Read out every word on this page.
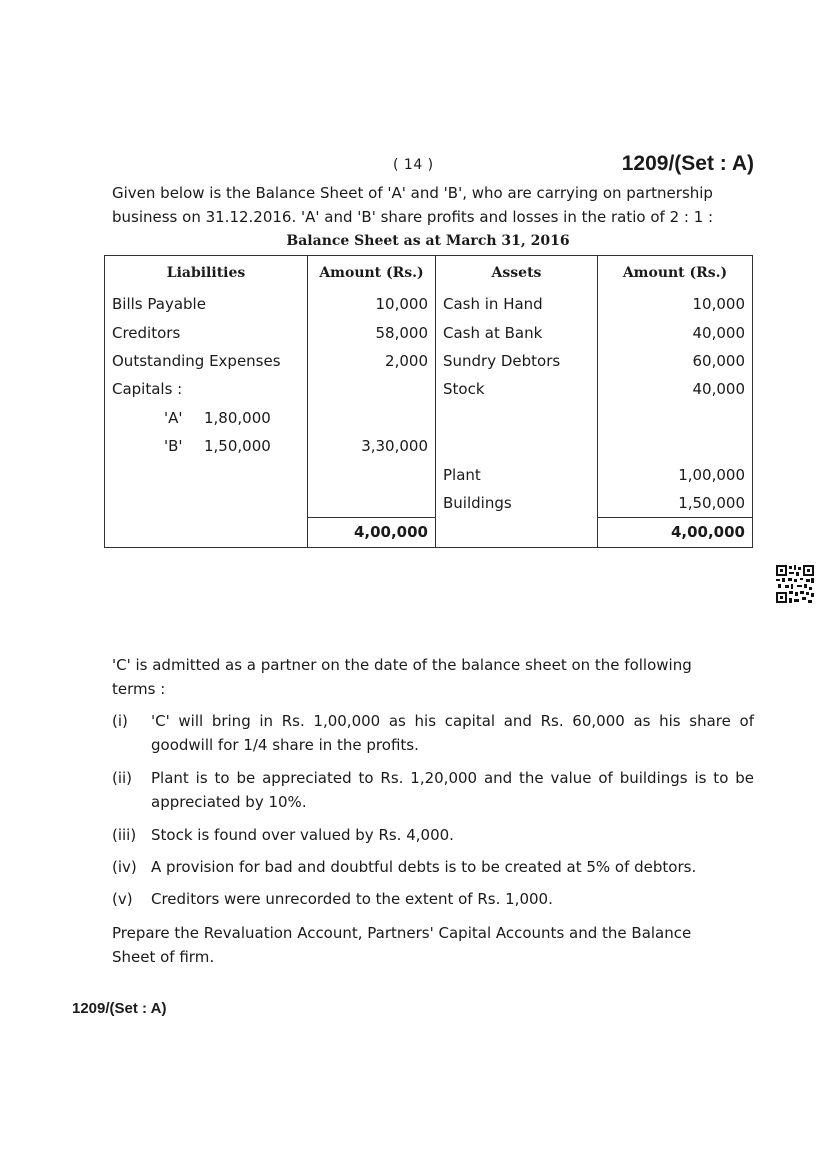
( 14 )	1209/(Set : A)

Given below is the Balance Sheet of 'A' and 'B', who are carrying on partnership

business on 31.12.2016. 'A' and 'B' share profits and losses in the ratio of 2 : 1 :

Balance Sheet as at March 31, 2016
Liabilities	Amount (Rs.)	Assets	Amount (Rs.)
Bills Payable	10,000	Cash in Hand	10,000
Creditors	58,000	Cash at Bank	40,000
Outstanding Expenses	2,000	Sundry Debtors	60,000
Capitals :		Stock	40,000
'A' 1,80,000			
'B' 1,50,000	3,30,000		
		Plant	1,00,000
		Buildings	1,50,000
	4,00,000		4,00,000

'C' is admitted as a partner on the date of the balance sheet on the following

terms :

(i)	'C' will bring in Rs. 1,00,000 as his capital and Rs. 60,000 as his share of goodwill for 1/4 share in the profits.
(ii)	Plant is to be appreciated to Rs. 1,20,000 and the value of buildings is to be appreciated by 10%.
(iii) Stock is found over valued by Rs. 4,000.
(iv) A provision for bad and doubtful debts is to be created at 5% of debtors.
(v)	Creditors were unrecorded to the extent of Rs. 1,000.

Prepare the Revaluation Account, Partners' Capital Accounts and the Balance

Sheet of firm.

1209/(Set : A)
